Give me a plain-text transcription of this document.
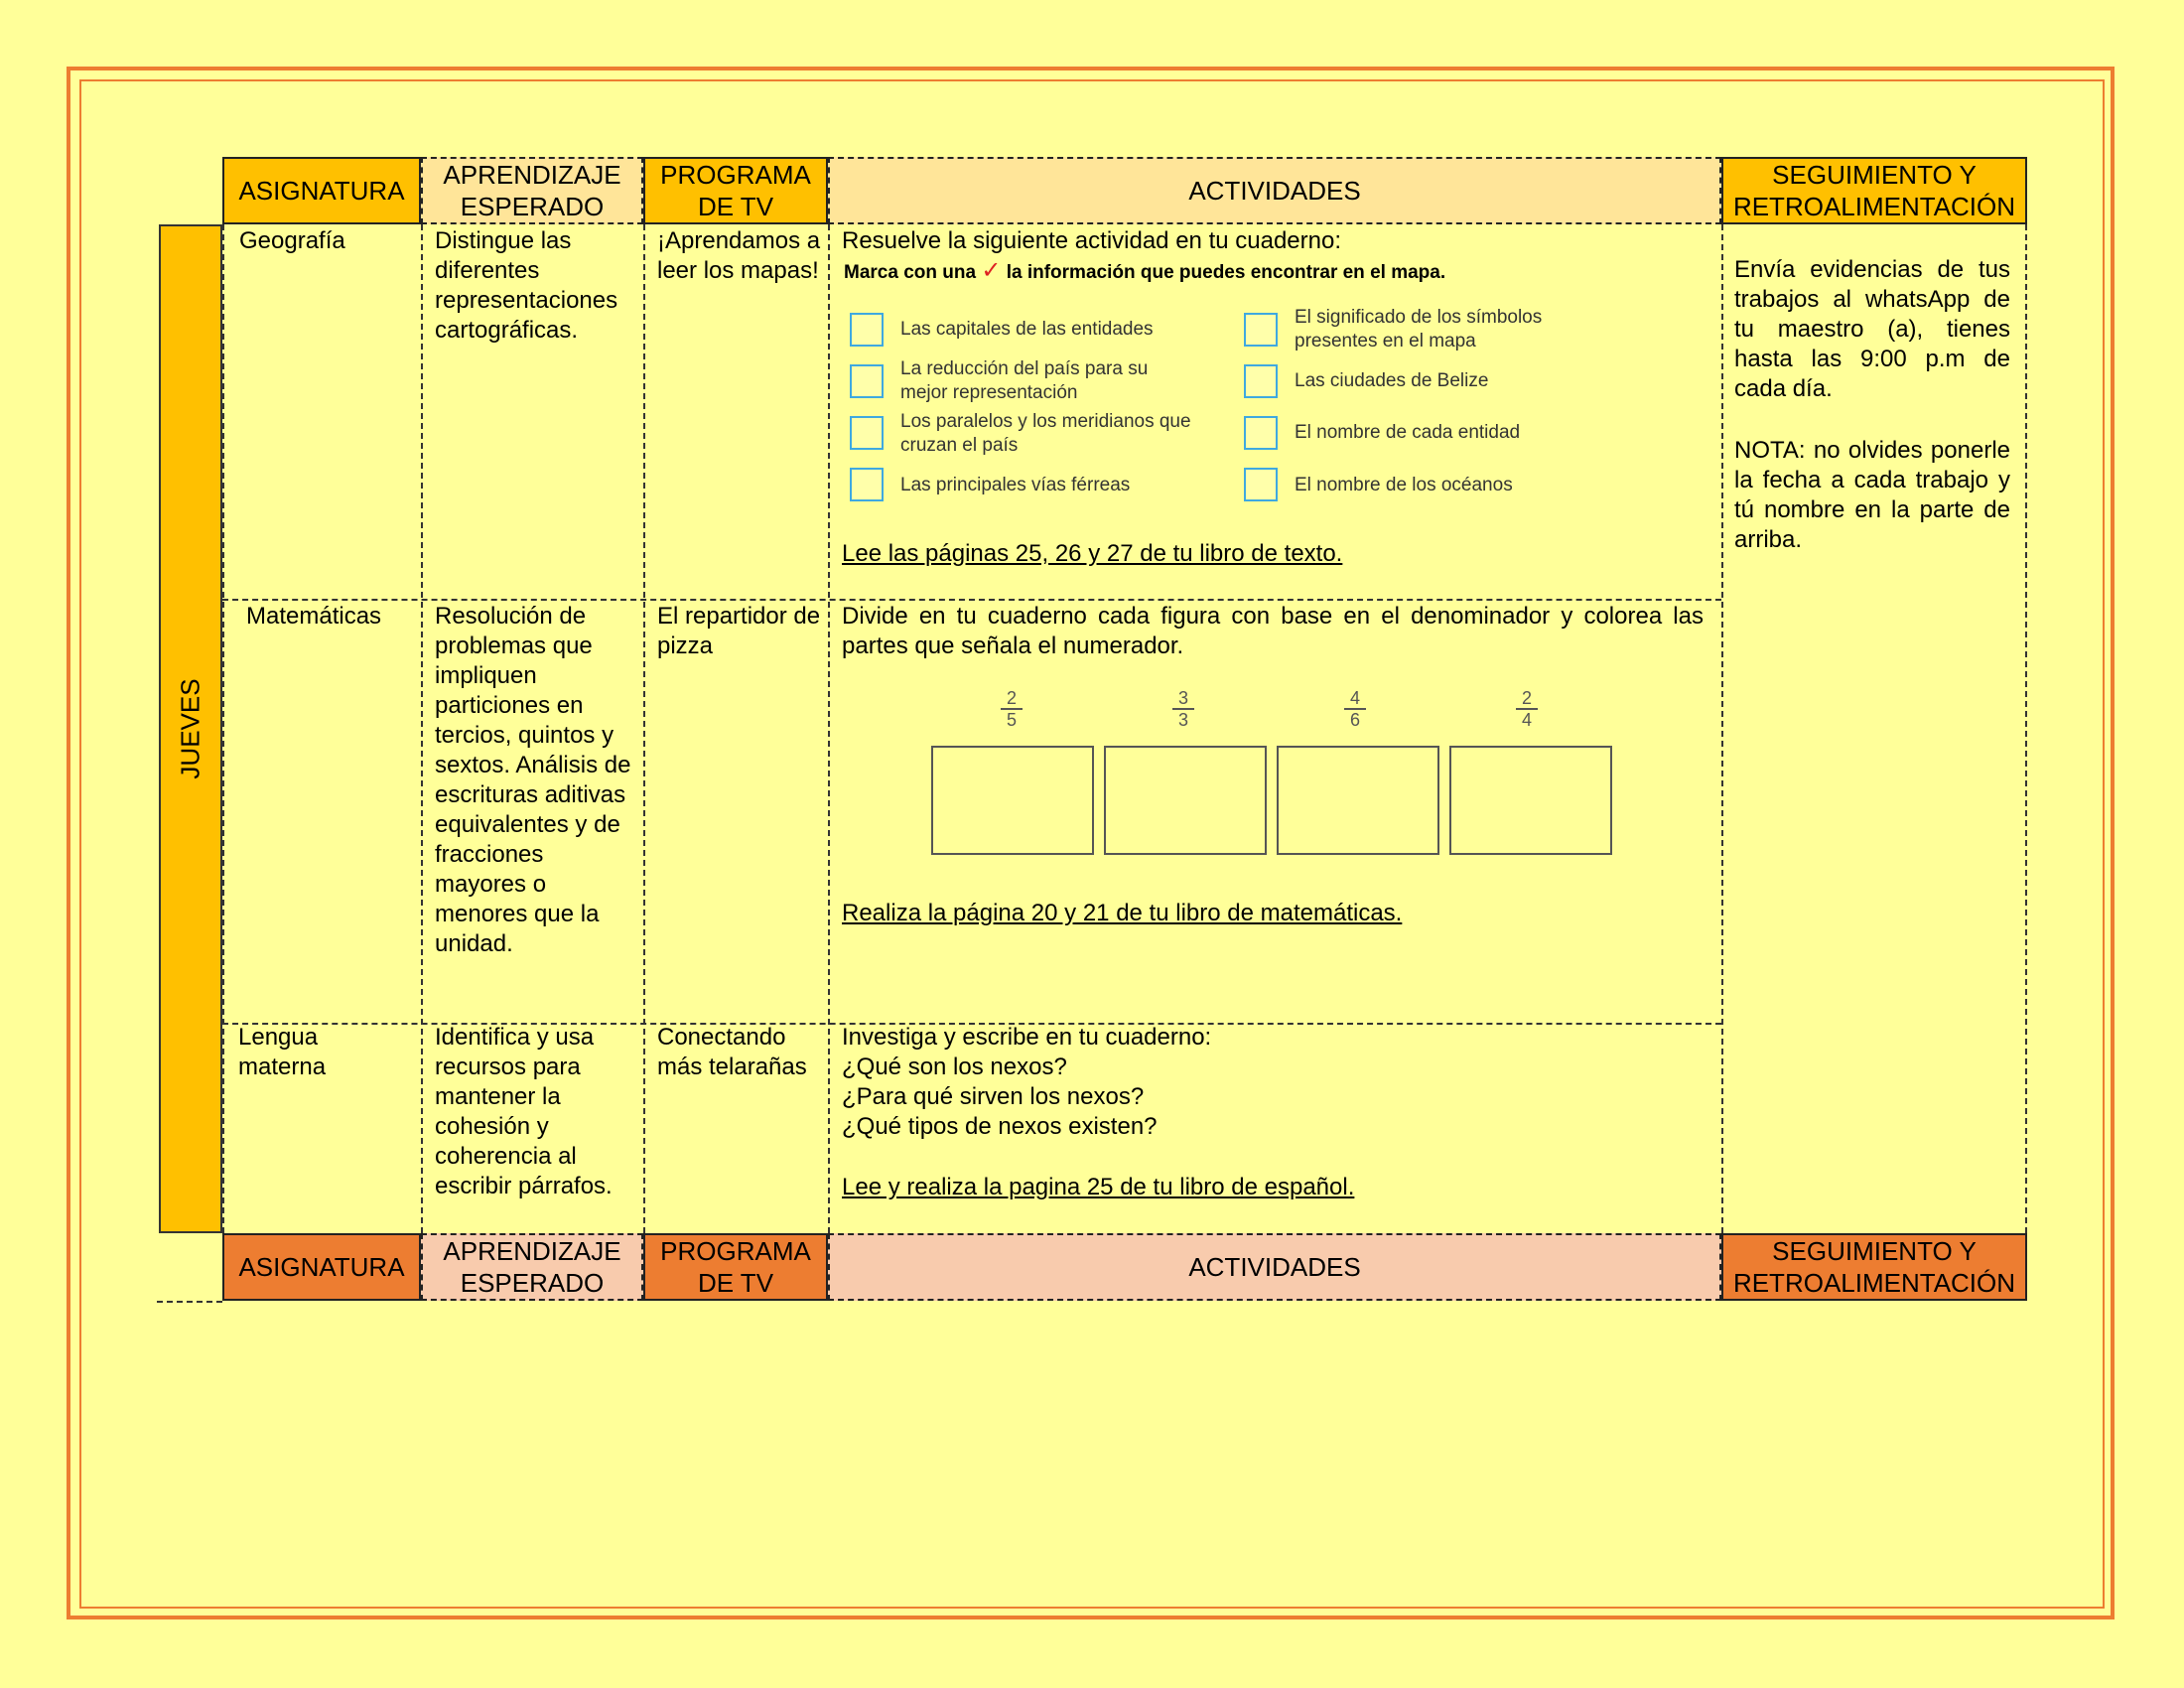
ASIGNATURA
APRENDIZAJE ESPERADO
PROGRAMA DE TV
ACTIVIDADES
SEGUIMIENTO Y RETROALIMENTACIÓN
JUEVES
Geografía	Distingue las diferentes representaciones cartográficas.
¡Aprendamos a leer los mapas!
Resuelve la siguiente actividad en tu cuaderno:
Marca con una ✓ la información que puedes encontrar en el mapa.
Las capitales de las entidades
La reducción del país para su mejor representación
Los paralelos y los meridianos que cruzan el país
Las principales vías férreas
El significado de los símbolos presentes en el mapa
Las ciudades de Belize
El nombre de cada entidad
El nombre de los océanos
Lee las páginas 25, 26 y 27 de tu libro de texto.
Matemáticas	Resolución de problemas que impliquen particiones en tercios, quintos y sextos. Análisis de escrituras aditivas equivalentes y de fracciones mayores o menores que la unidad.
El repartidor de pizza
Divide en tu cuaderno cada figura con base en el denominador y colorea las partes que señala el numerador.
2
5
3
3
4
6
2
4
Realiza la página 20 y 21 de tu libro de matemáticas.
Lengua materna
Identifica y usa recursos para mantener la cohesión y coherencia al escribir párrafos.
Conectando más telarañas
Investiga y escribe en tu cuaderno:
¿Qué son los nexos?
¿Para qué sirven los nexos?
¿Qué tipos de nexos existen?
Lee y realiza la pagina 25 de tu libro de español.
Envía evidencias de tus trabajos al whatsApp de tu maestro (a), tienes hasta las 9:00 p.m de cada día.
NOTA: no olvides ponerle la fecha a cada trabajo y tú nombre en la parte de arriba.
ASIGNATURA
APRENDIZAJE ESPERADO
PROGRAMA DE TV
ACTIVIDADES
SEGUIMIENTO Y RETROALIMENTACIÓN
